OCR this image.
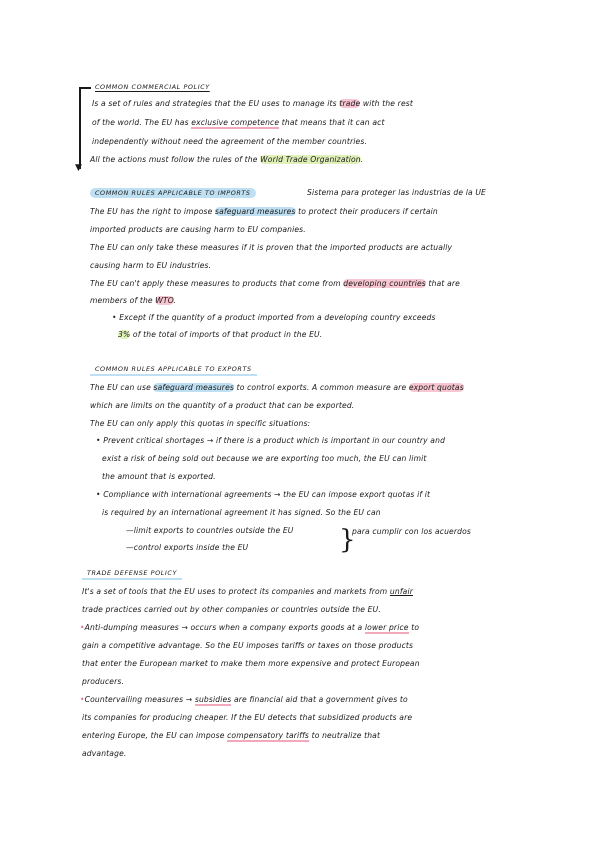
▼
COMMON COMMERCIAL POLICY
Is a set of rules and strategies that the EU uses to manage its trade with the rest
of the world. The EU has exclusive competence that means that it can act
independently without need the agreement of the member countries.
All the actions must follow the rules of the World Trade Organization.
COMMON RULES APPLICABLE TO IMPORTS	Sistema para proteger las industrias de la UE
The EU has the right to impose safeguard measures to protect their producers if certain
imported products are causing harm to EU companies.
The EU can only take these measures if it is proven that the imported products are actually
causing harm to EU industries.
The EU can't apply these measures to products that come from developing countries that are
members of the WTO.
• Except if the quantity of a product imported from a developing country exceeds
3% of the total of imports of that product in the EU.
COMMON RULES APPLICABLE TO EXPORTS
The EU can use safeguard measures to control exports. A common measure are export quotas
which are limits on the quantity of a product that can be exported.
The EU can only apply this quotas in specific situations:
• Prevent critical shortages → if there is a product which is important in our country and
exist a risk of being sold out because we are exporting too much, the EU can limit
the amount that is exported.
• Compliance with international agreements → the EU can impose export quotas if it
is required by an international agreement it has signed. So the EU can
—limit exports to countries outside the EU
—control exports inside the EU	}
para cumplir con los acuerdos
TRADE DEFENSE POLICY
It's a set of tools that the EU uses to protect its companies and markets from unfair
trade practices carried out by other companies or countries outside the EU.
•Anti-dumping measures → occurs when a company exports goods at a lower price to
gain a competitive advantage. So the EU imposes tariffs or taxes on those products
that enter the European market to make them more expensive and protect European
producers.
•Countervailing measures → subsidies are financial aid that a government gives to
its companies for producing cheaper. If the EU detects that subsidized products are
entering Europe, the EU can impose compensatory tariffs to neutralize that
advantage.
